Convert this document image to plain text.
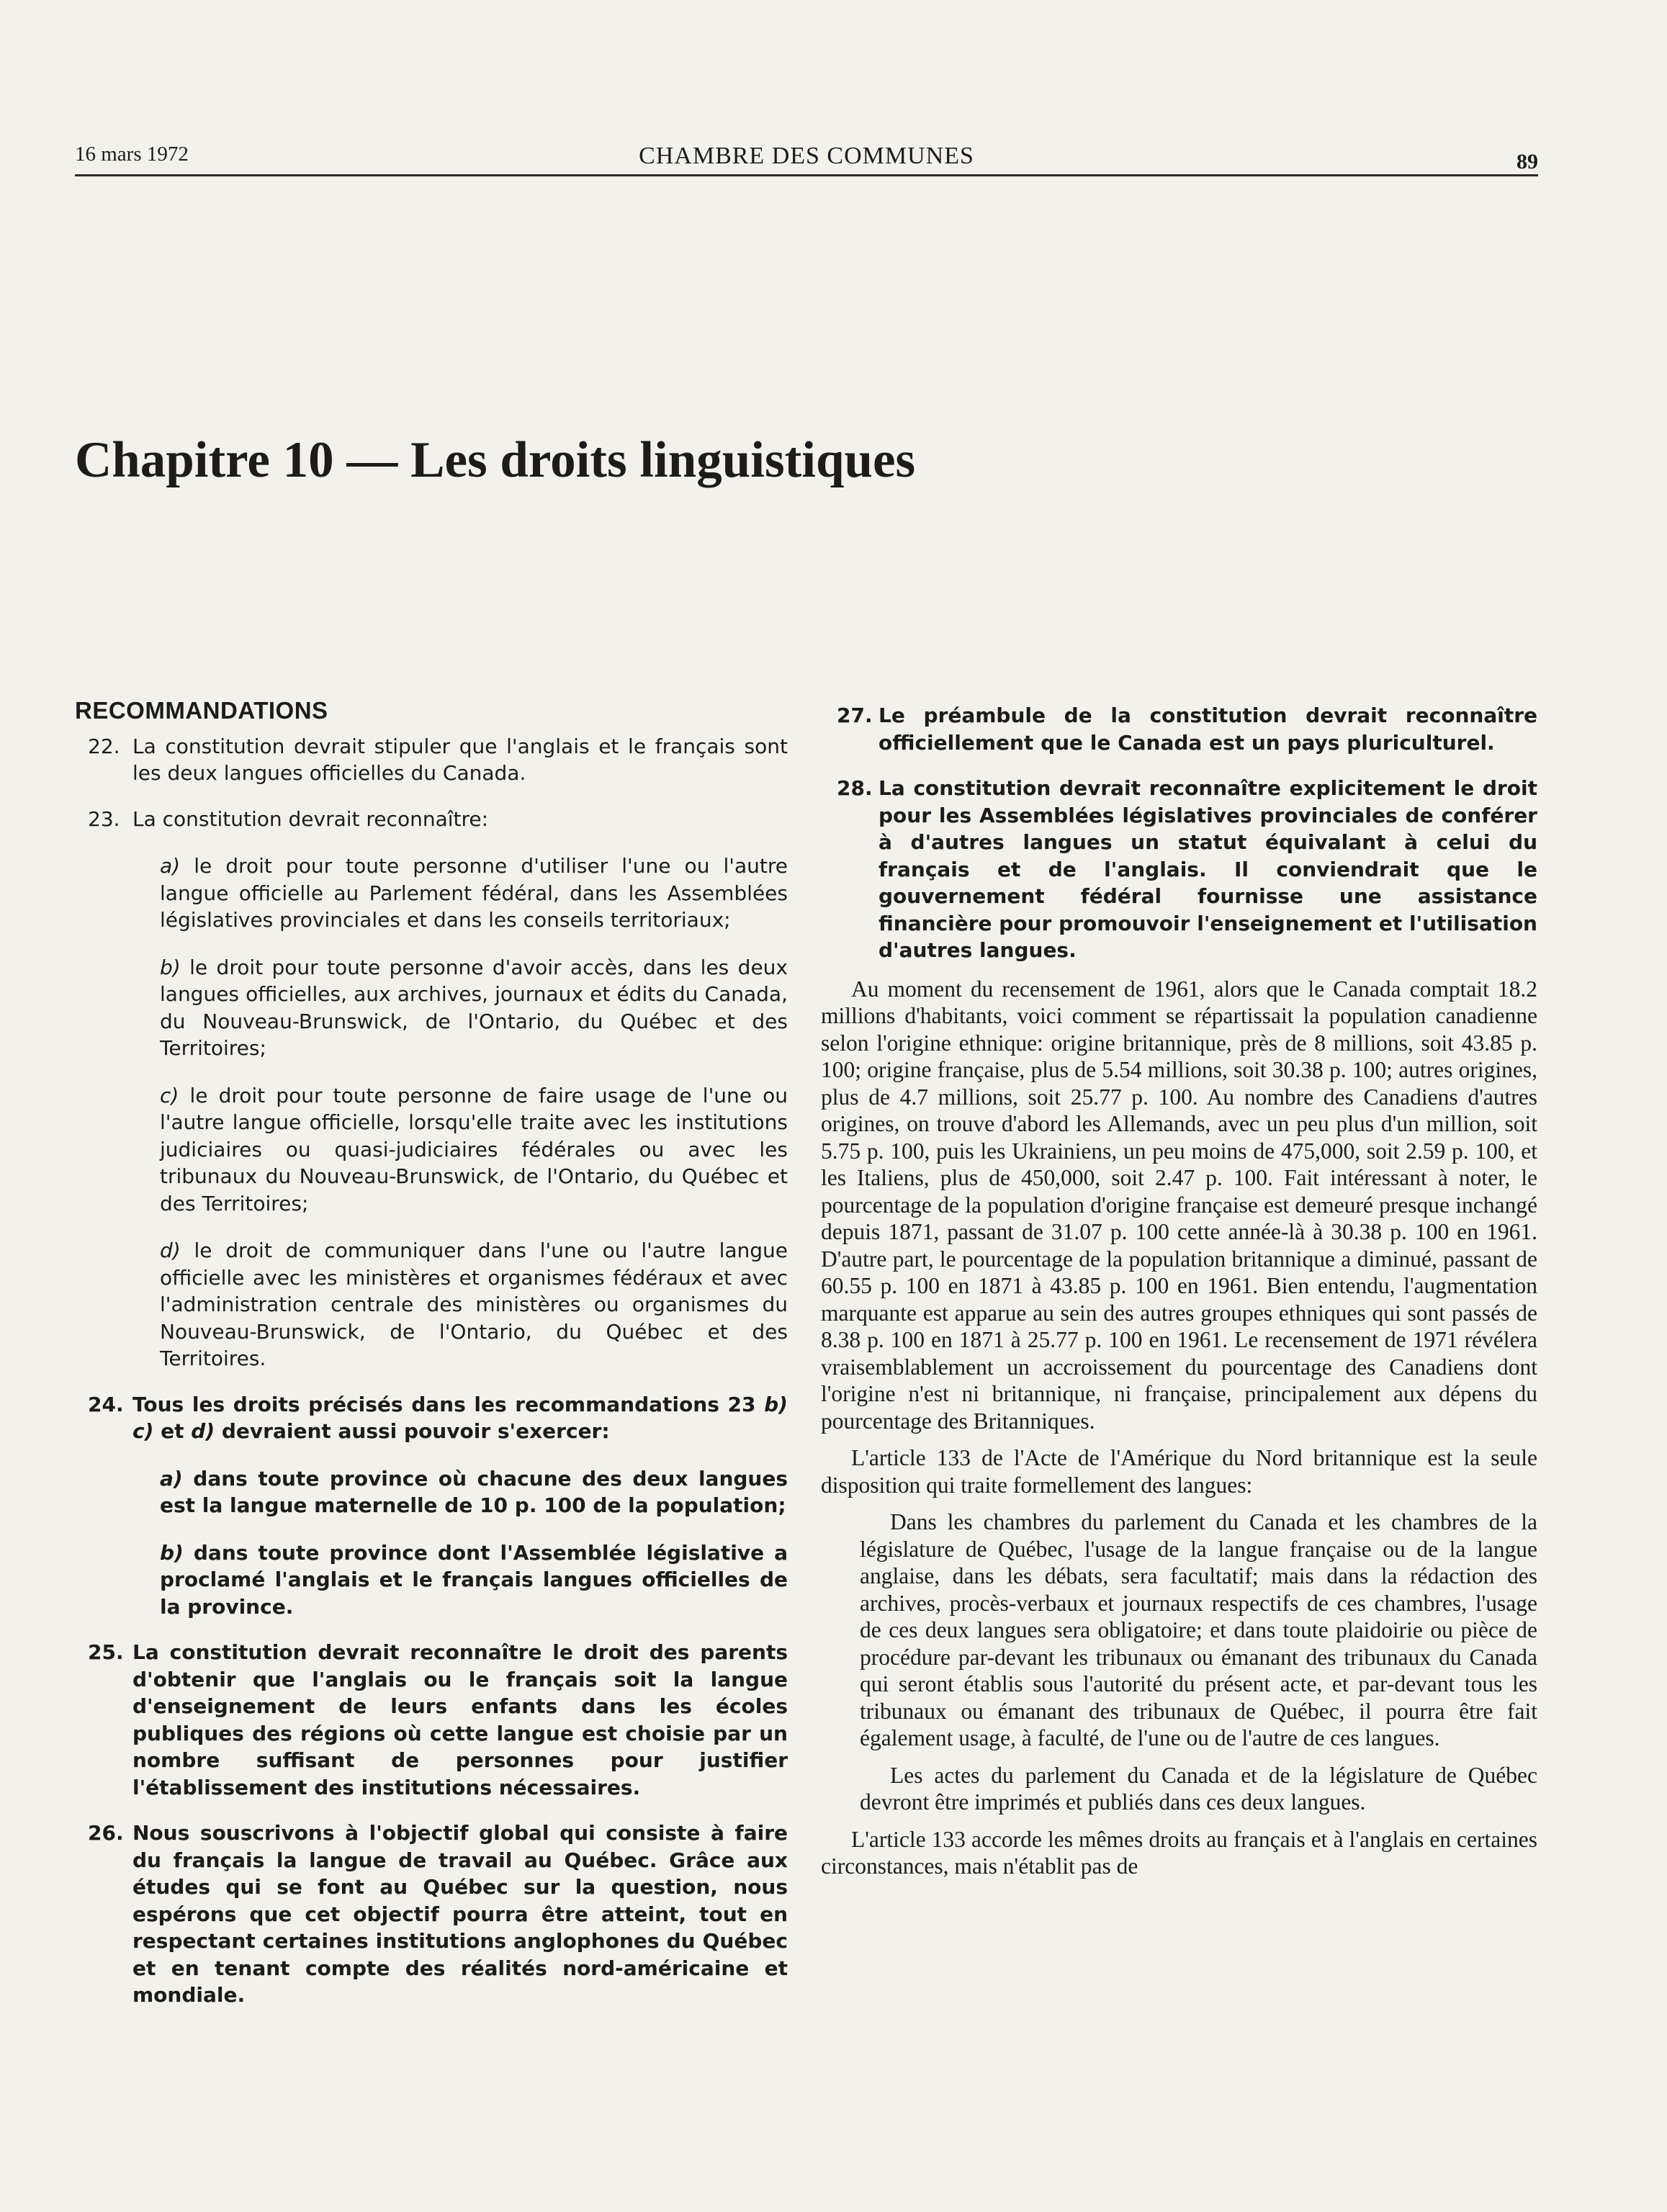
16 mars 1972	CHAMBRE DES COMMUNES	89
Chapitre 10 — Les droits linguistiques
RECOMMANDATIONS
22. La constitution devrait stipuler que l'anglais et le français sont les deux langues officielles du Canada.
23. La constitution devrait reconnaître:
a) le droit pour toute personne d'utiliser l'une ou l'autre langue officielle au Parlement fédéral, dans les Assemblées législatives provinciales et dans les conseils territoriaux;
b) le droit pour toute personne d'avoir accès, dans les deux langues officielles, aux archives, journaux et édits du Canada, du Nouveau-Brunswick, de l'Ontario, du Québec et des Territoires;
c) le droit pour toute personne de faire usage de l'une ou l'autre langue officielle, lorsqu'elle traite avec les institutions judiciaires ou quasi-judiciaires fédérales ou avec les tribunaux du Nouveau-Brunswick, de l'Ontario, du Québec et des Territoires;
d) le droit de communiquer dans l'une ou l'autre langue officielle avec les ministères et organismes fédéraux et avec l'administration centrale des ministères ou organismes du Nouveau-Brunswick, de l'Ontario, du Québec et des Territoires.
24. Tous les droits précisés dans les recommandations 23 b) c) et d) devraient aussi pouvoir s'exercer:
a) dans toute province où chacune des deux langues est la langue maternelle de 10 p. 100 de la population;
b) dans toute province dont l'Assemblée législative a proclamé l'anglais et le français langues officielles de la province.
25. La constitution devrait reconnaître le droit des parents d'obtenir que l'anglais ou le français soit la langue d'enseignement de leurs enfants dans les écoles publiques des régions où cette langue est choisie par un nombre suffisant de personnes pour justifier l'établissement des institutions nécessaires.
26. Nous souscrivons à l'objectif global qui consiste à faire du français la langue de travail au Québec. Grâce aux études qui se font au Québec sur la question, nous espérons que cet objectif pourra être atteint, tout en respectant certaines institutions anglophones du Québec et en tenant compte des réalités nord-américaine et mondiale.
27. Le préambule de la constitution devrait reconnaître officiellement que le Canada est un pays pluriculturel.
28. La constitution devrait reconnaître explicitement le droit pour les Assemblées législatives provinciales de conférer à d'autres langues un statut équivalant à celui du français et de l'anglais. Il conviendrait que le gouvernement fédéral fournisse une assistance financière pour promouvoir l'enseignement et l'utilisation d'autres langues.

Au moment du recensement de 1961, alors que le Canada comptait 18.2 millions d'habitants, voici comment se répartissait la population canadienne selon l'origine ethnique: origine britannique, près de 8 millions, soit 43.85 p. 100; origine française, plus de 5.54 millions, soit 30.38 p. 100; autres origines, plus de 4.7 millions, soit 25.77 p. 100. Au nombre des Canadiens d'autres origines, on trouve d'abord les Allemands, avec un peu plus d'un million, soit 5.75 p. 100, puis les Ukrainiens, un peu moins de 475,000, soit 2.59 p. 100, et les Italiens, plus de 450,000, soit 2.47 p. 100. Fait intéressant à noter, le pourcentage de la population d'origine française est demeuré presque inchangé depuis 1871, passant de 31.07 p. 100 cette année-là à 30.38 p. 100 en 1961. D'autre part, le pourcentage de la population britannique a diminué, passant de 60.55 p. 100 en 1871 à 43.85 p. 100 en 1961. Bien entendu, l'augmentation marquante est apparue au sein des autres groupes ethniques qui sont passés de 8.38 p. 100 en 1871 à 25.77 p. 100 en 1961. Le recensement de 1971 révélera vraisemblablement un accroissement du pourcentage des Canadiens dont l'origine n'est ni britannique, ni française, principalement aux dépens du pourcentage des Britanniques.

L'article 133 de l'Acte de l'Amérique du Nord britannique est la seule disposition qui traite formellement des langues:

Dans les chambres du parlement du Canada et les chambres de la législature de Québec, l'usage de la langue française ou de la langue anglaise, dans les débats, sera facultatif; mais dans la rédaction des archives, procès-verbaux et journaux respectifs de ces chambres, l'usage de ces deux langues sera obligatoire; et dans toute plaidoirie ou pièce de procédure par-devant les tribunaux ou émanant des tribunaux du Canada qui seront établis sous l'autorité du présent acte, et par-devant tous les tribunaux ou émanant des tribunaux de Québec, il pourra être fait également usage, à faculté, de l'une ou de l'autre de ces langues.

Les actes du parlement du Canada et de la législature de Québec devront être imprimés et publiés dans ces deux langues.

L'article 133 accorde les mêmes droits au français et à l'anglais en certaines circonstances, mais n'établit pas de
